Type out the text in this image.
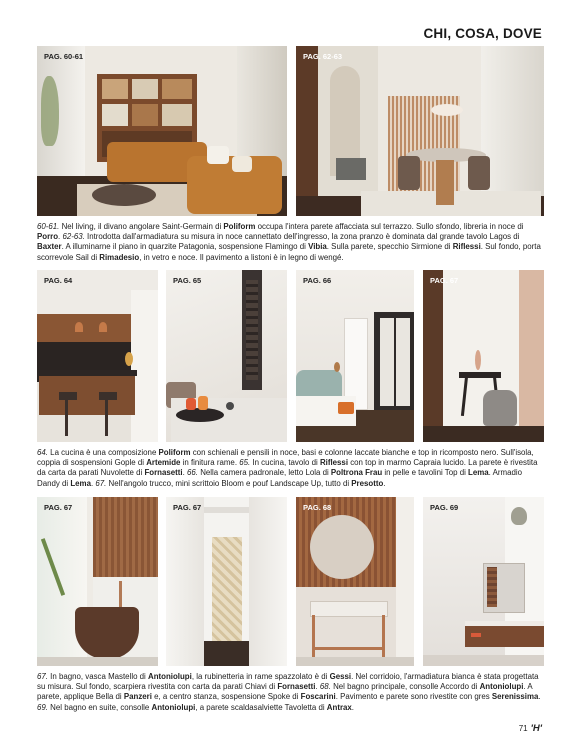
CHI, COSA, DOVE
PAG. 60-61	PAG. 62-63

60-61. Nel living, il divano angolare Saint-Germain di Poliform occupa l'intera parete affacciata sul terrazzo. Sullo sfondo, libreria in noce di Porro. 62-63. Introdotta dall'armadiatura su misura in noce cannettato dell'ingresso, la zona pranzo è dominata dal grande tavolo Lagos di Baxter. A illuminarne il piano in quarzite Patagonia, sospensione Flamingo di Vibia. Sulla parete, specchio Sirmione di Riflessi. Sul fondo, porta scorrevole Sail di Rimadesio, in vetro e noce. Il pavimento a listoni è in legno di wengé.

PAG. 64	PAG. 65	PAG. 66	PAG. 67

64. La cucina è una composizione Poliform con schienali e pensili in noce, basi e colonne laccate bianche e top in ricomposto nero. Sull'isola, coppia di sospensioni Gople di Artemide in finitura rame. 65. In cucina, tavolo di Riflessi con top in marmo Capraia lucido. La parete è rivestita da carta da parati Nuvolette di Fornasetti. 66. Nella camera padronale, letto Lola di Poltrona Frau in pelle e tavolini Top di Lema. Armadio Dandy di Lema. 67. Nell'angolo trucco, mini scrittoio Bloom e pouf Landscape Up, tutto di Presotto.

PAG. 67	PAG. 67	PAG. 68	PAG. 69

67. In bagno, vasca Mastello di Antoniolupi, la rubinetteria in rame spazzolato è di Gessi. Nel corridoio, l'armadiatura bianca è stata progettata su misura. Sul fondo, scarpiera rivestita con carta da parati Chiavi di Fornasetti. 68. Nel bagno principale, consolle Accordo di Antoniolupi. A parete, applique Bella di Panzeri e, a centro stanza, sospensione Spoke di Foscarini. Pavimento e parete sono rivestite con gres Serenissima. 69. Nel bagno en suite, consolle Antoniolupi, a parete scaldasalviette Tavoletta di Antrax.

71 'H'
